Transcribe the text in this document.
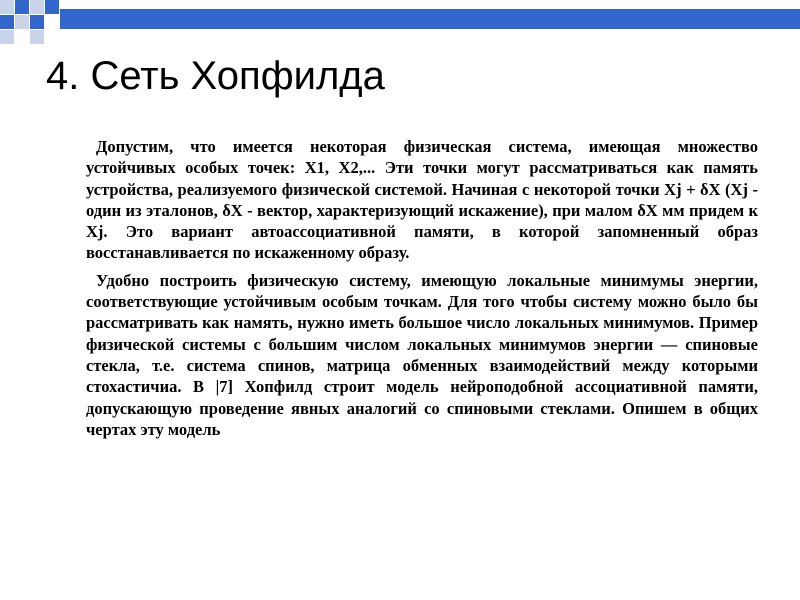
4. Сеть Хопфилда

Допустим, что имеется некоторая физическая система, имеющая множество устойчивых особых точек: X1, X2,... Эти точки могут рассматриваться как память устройства, реализуемого физической системой. Начиная с некоторой точки Xj + δX (Xj - один из эталонов, δX - вектор, характеризующий искажение), при малом δX мм придем к Xj. Это вариант автоассоциативной памяти, в которой запомненный образ восстанавливается по искаженному образу.

Удобно построить физическую систему, имеющую локальные минимумы энергии, соответствующие устойчивым особым точкам. Для того чтобы систему можно было бы рассматривать как намять, нужно иметь большое число локальных минимумов. Пример физической системы с большим числом локальных минимумов энергии — спиновые стекла, т.е. система спинов, матрица обменных взаимодействий между которыми стохастичиа. В |7] Хопфилд строит модель нейроподобной ассоциативной памяти, допускающую проведение явных аналогий со спиновыми стеклами. Опишем в общих чертах эту модель
